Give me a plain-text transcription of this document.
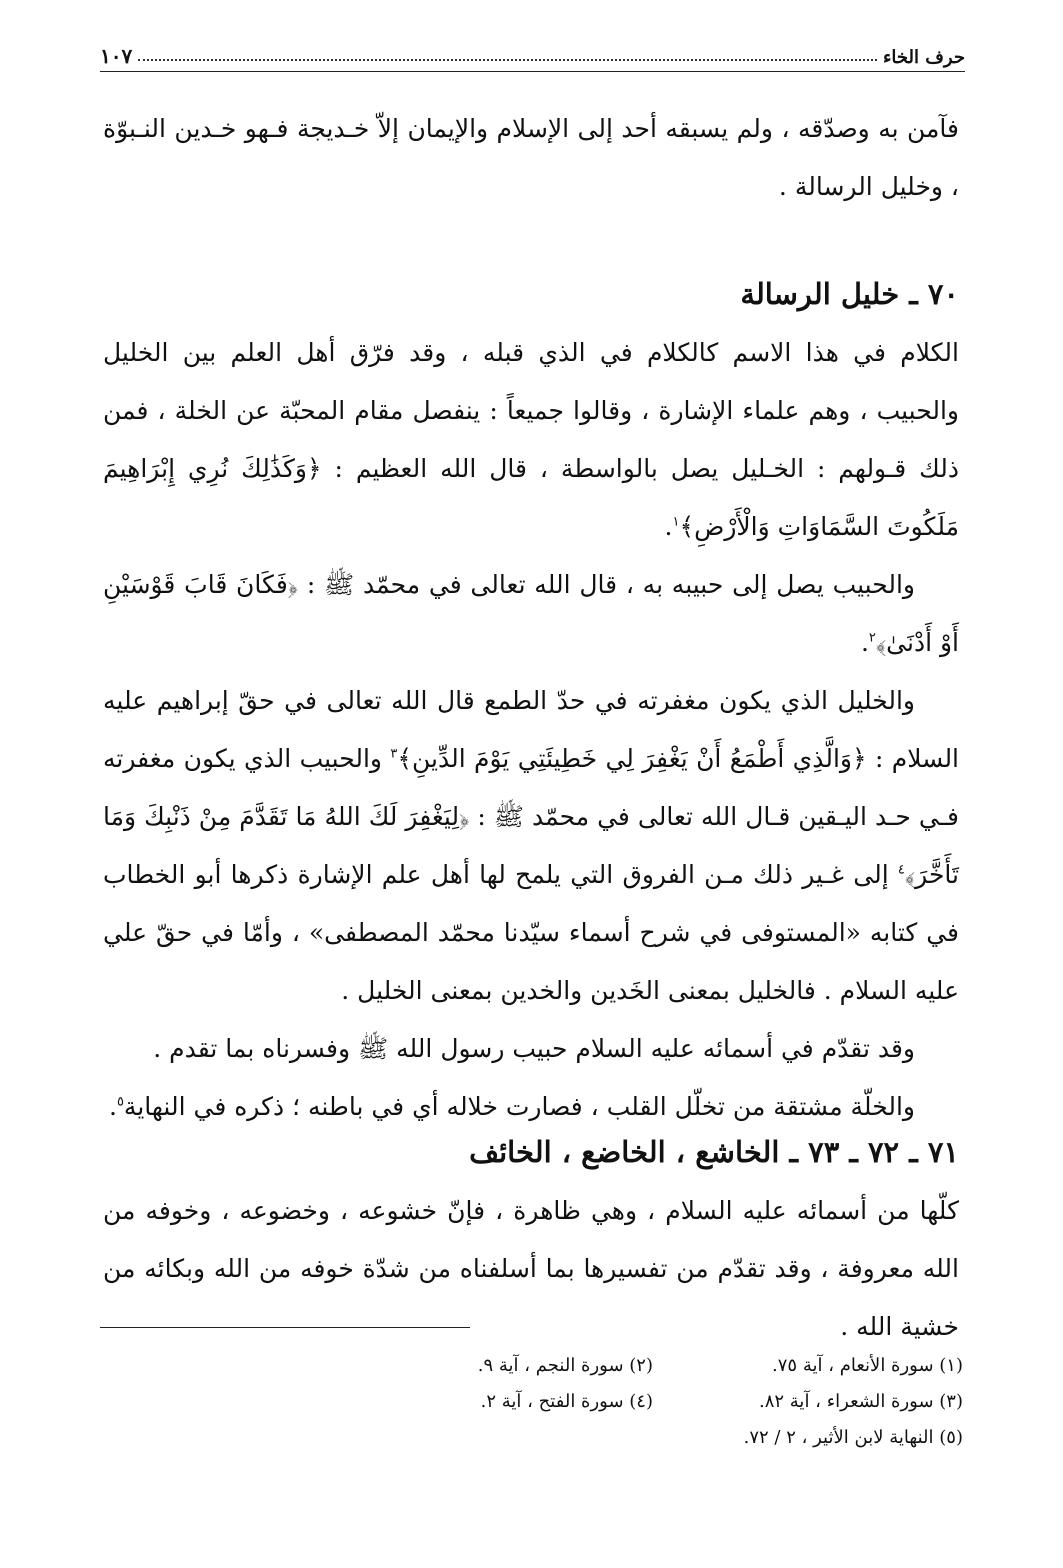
حرف الخاء
١٠٧

فآمن به وصدّقه ، ولم يسبقه أحد إلى الإسلام والإيمان إلاّ خـديجة فـهو خـدين النـبوّة ، وخليل الرسالة .

٧٠ ـ خليل الرسالة

الكلام في هذا الاسم كالكلام في الذي قبله ، وقد فرّق أهل العلم بين الخليل والحبيب ، وهم علماء الإشارة ، وقالوا جميعاً : ينفصل مقام المحبّة عن الخلة ، فمن ذلك قـولهم : الخـليل يصل بالواسطة ، قال الله العظيم : ﴿وَكَذَٰلِكَ نُرِي إِبْرَاهِيمَ مَلَكُوتَ السَّمَاوَاتِ وَالْأَرْضِ﴾$^١$.

والحبيب يصل إلى حبيبه به ، قال الله تعالى في محمّد ﷺ : ﴿فَكَانَ قَابَ قَوْسَيْنِ أَوْ أَدْنَىٰ﴾$^٢$.

والخليل الذي يكون مغفرته في حدّ الطمع قال الله تعالى في حقّ إبراهيم عليه السلام : ﴿وَالَّذِي أَطْمَعُ أَنْ يَغْفِرَ لِي خَطِيئَتِي يَوْمَ الدِّينِ﴾$^٣$ والحبيب الذي يكون مغفرته فـي حـد اليـقين قـال الله تعالى في محمّد ﷺ : ﴿لِيَغْفِرَ لَكَ اللهُ مَا تَقَدَّمَ مِنْ ذَنْبِكَ وَمَا تَأَخَّرَ﴾$^٤$ إلى غـير ذلك مـن الفروق التي يلمح لها أهل علم الإشارة ذكرها أبو الخطاب في كتابه «المستوفى في شرح أسماء سيّدنا محمّد المصطفى» ، وأمّا في حقّ علي عليه السلام . فالخليل بمعنى الخَدين والخدين بمعنى الخليل .

وقد تقدّم في أسمائه عليه السلام حبيب رسول الله ﷺ وفسرناه بما تقدم .

والخلّة مشتقة من تخلّل القلب ، فصارت خلاله أي في باطنه ؛ ذكره في النهاية$^٥$.

٧١ ـ ٧٢ ـ ٧٣ ـ الخاشع ، الخاضع ، الخائف

كلّها من أسمائه عليه السلام ، وهي ظاهرة ، فإنّ خشوعه ، وخضوعه ، وخوفه من الله معروفة ، وقد تقدّم من تفسيرها بما أسلفناه من شدّة خوفه من الله وبكائه من خشية الله .

(١) سورة الأنعام ، آية ٧٥.
(٢) سورة النجم ، آية ٩.
(٣) سورة الشعراء ، آية ٨٢.
(٤) سورة الفتح ، آية ٢.
(٥) النهاية لابن الأثير ، ٢ / ٧٢.
